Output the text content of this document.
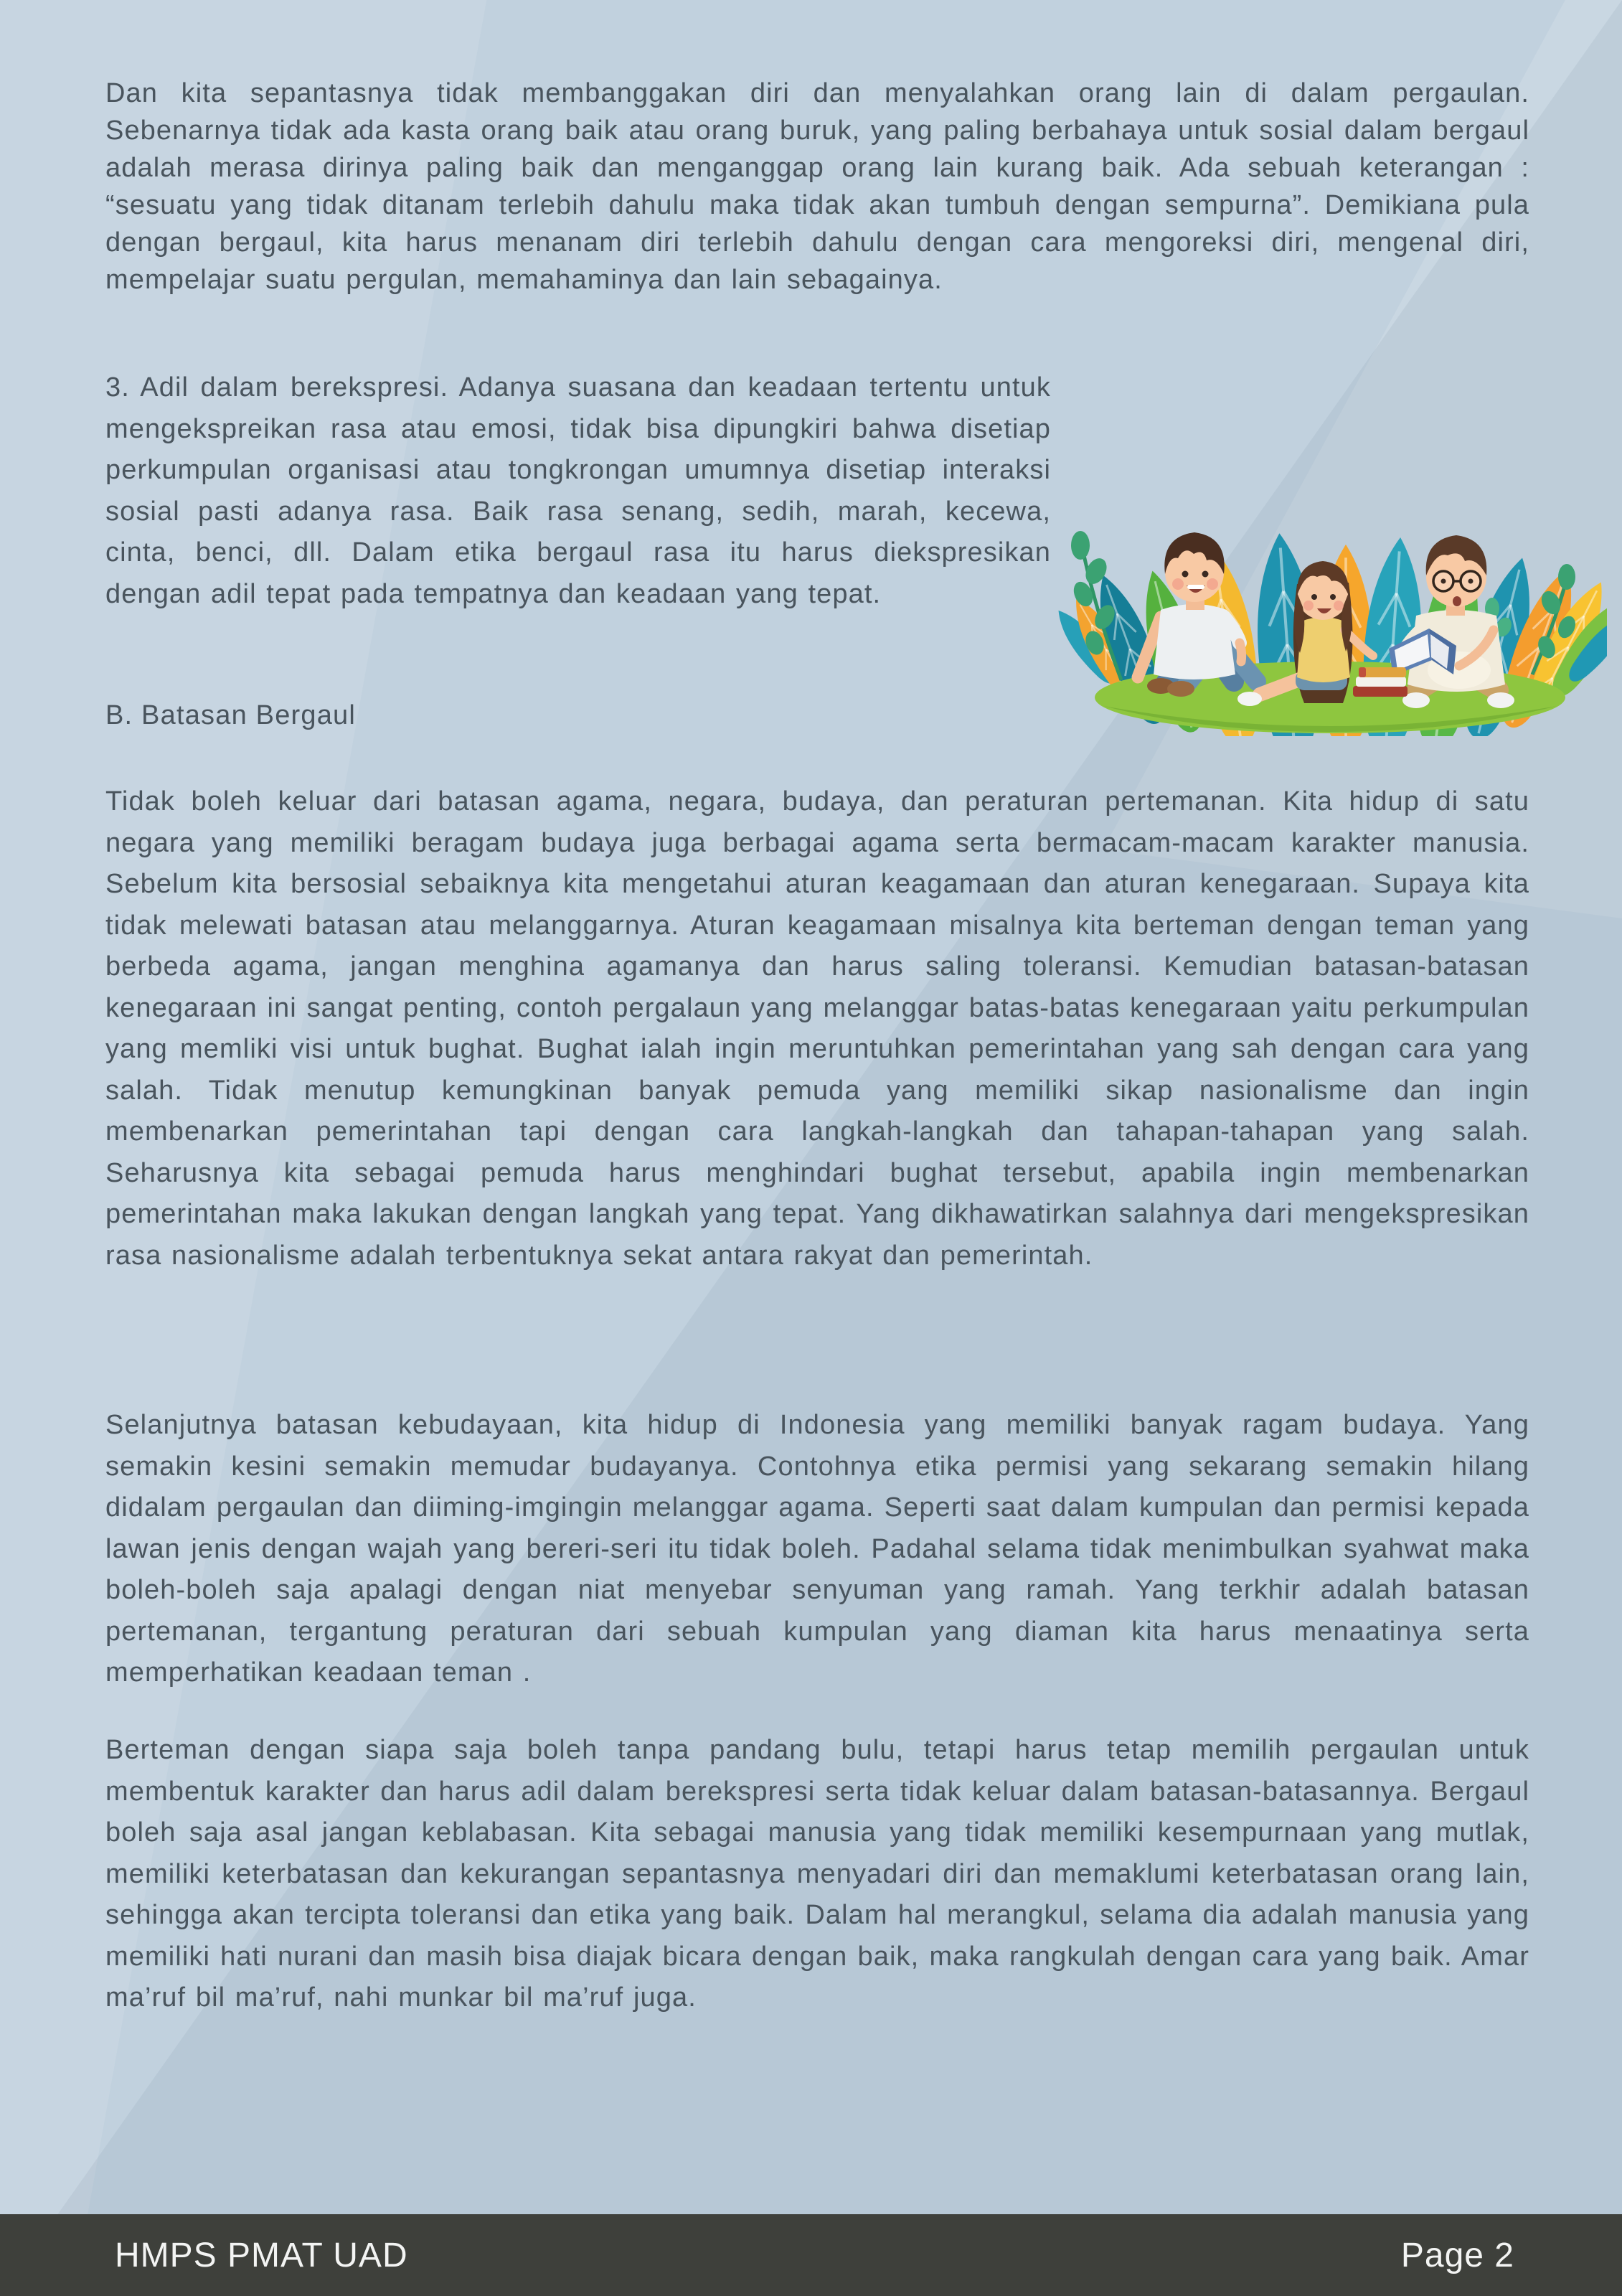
Dan kita sepantasnya tidak membanggakan diri dan menyalahkan orang lain di dalam pergaulan. Sebenarnya tidak ada kasta orang baik atau orang buruk, yang paling berbahaya untuk sosial dalam bergaul adalah merasa dirinya paling baik dan menganggap orang lain kurang baik. Ada sebuah keterangan : “sesuatu yang tidak ditanam terlebih dahulu maka tidak akan tumbuh dengan sempurna”. Demikiana pula dengan bergaul, kita harus menanam diri terlebih dahulu dengan cara mengoreksi diri, mengenal diri, mempelajar suatu pergulan, memahaminya dan lain sebagainya.
3. Adil dalam berekspresi. Adanya suasana dan keadaan tertentu untuk mengekspreikan rasa atau emosi, tidak bisa dipungkiri bahwa disetiap perkumpulan organisasi atau tongkrongan umumnya disetiap interaksi sosial pasti adanya rasa. Baik rasa senang, sedih, marah, kecewa, cinta, benci, dll. Dalam etika bergaul rasa itu harus diekspresikan dengan adil tepat pada tempatnya dan keadaan yang tepat.
B. Batasan Bergaul
Tidak boleh keluar dari batasan agama, negara, budaya, dan peraturan pertemanan. Kita hidup di satu negara yang memiliki beragam budaya juga berbagai agama serta bermacam-macam karakter manusia. Sebelum kita bersosial sebaiknya kita mengetahui aturan keagamaan dan aturan kenegaraan. Supaya kita tidak melewati batasan atau melanggarnya. Aturan keagamaan misalnya kita berteman dengan teman yang berbeda agama, jangan menghina agamanya dan harus saling toleransi. Kemudian batasan-batasan kenegaraan ini sangat penting, contoh pergalaun yang melanggar batas-batas kenegaraan yaitu perkumpulan yang memliki visi untuk bughat. Bughat ialah ingin meruntuhkan pemerintahan yang sah dengan cara yang salah. Tidak menutup kemungkinan banyak pemuda yang memiliki sikap nasionalisme dan ingin membenarkan pemerintahan tapi dengan cara langkah-langkah dan tahapan-tahapan yang salah. Seharusnya kita sebagai pemuda harus menghindari bughat tersebut, apabila ingin membenarkan pemerintahan maka lakukan dengan langkah yang tepat. Yang dikhawatirkan salahnya dari mengekspresikan rasa nasionalisme adalah terbentuknya sekat antara rakyat dan pemerintah.
Selanjutnya batasan kebudayaan, kita hidup di Indonesia yang memiliki banyak ragam budaya. Yang semakin kesini semakin memudar budayanya. Contohnya etika permisi yang sekarang semakin hilang didalam pergaulan dan diiming-imgingin melanggar agama. Seperti saat dalam kumpulan dan permisi kepada lawan jenis dengan wajah yang bereri-seri itu tidak boleh. Padahal selama tidak menimbulkan syahwat maka boleh-boleh saja apalagi dengan niat menyebar senyuman yang ramah. Yang terkhir adalah batasan pertemanan, tergantung peraturan dari sebuah kumpulan yang diaman kita harus menaatinya serta memperhatikan keadaan teman .
Berteman dengan siapa saja boleh tanpa pandang bulu, tetapi harus tetap memilih pergaulan untuk membentuk karakter dan harus adil dalam berekspresi serta tidak keluar dalam batasan-batasannya. Bergaul boleh saja asal jangan keblabasan. Kita sebagai manusia yang tidak memiliki kesempurnaan yang mutlak, memiliki keterbatasan dan kekurangan sepantasnya menyadari diri dan memaklumi keterbatasan orang lain, sehingga akan tercipta toleransi dan etika yang baik. Dalam hal merangkul, selama dia adalah manusia yang memiliki hati nurani dan masih bisa diajak bicara dengan baik, maka rangkulah dengan cara yang baik. Amar ma’ruf bil ma’ruf, nahi munkar bil ma’ruf juga.
HMPS PMAT UAD	Page 2
